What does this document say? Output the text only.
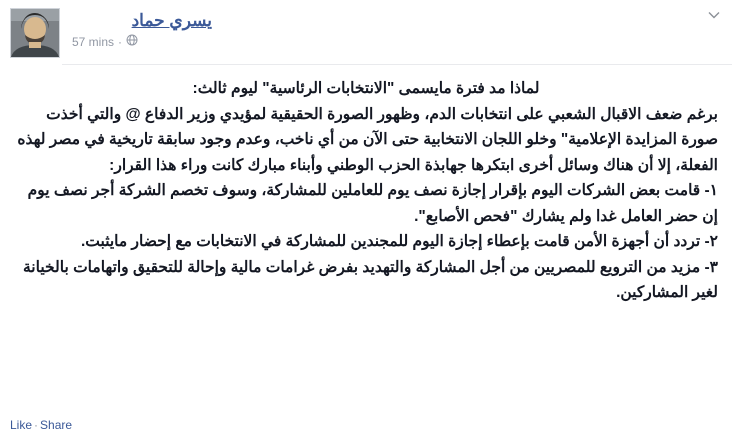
يسري حماد
57 mins ·

لماذا مد فترة مايسمى "الانتخابات الرئاسية" ليوم ثالث:

برغم ضعف الاقبال الشعبي على انتخابات الدم، وظهور الصورة الحقيقية لمؤيدي وزير الدفاع @ والتي أخذت صورة المزايدة الإعلامية" وخلو اللجان الانتخابية حتى الآن من أي ناخب، وعدم وجود سابقة تاريخية في مصر لهذه الفعلة، إلا أن هناك وسائل أخرى ابتكرها جهابذة الحزب الوطني وأبناء مبارك كانت وراء هذا القرار:

١- قامت بعض الشركات اليوم بإقرار إجازة نصف يوم للعاملين للمشاركة، وسوف تخصم الشركة أجر نصف يوم إن حضر العامل غدا ولم يشارك "فحص الأصابع".

٢- تردد أن أجهزة الأمن قامت بإعطاء إجازة اليوم للمجندين للمشاركة في الانتخابات مع إحضار مايثبت.

٣- مزيد من الترويع للمصريين من أجل المشاركة والتهديد بفرض غرامات مالية وإحالة للتحقيق واتهامات بالخيانة لغير المشاركين.

Like · Share
